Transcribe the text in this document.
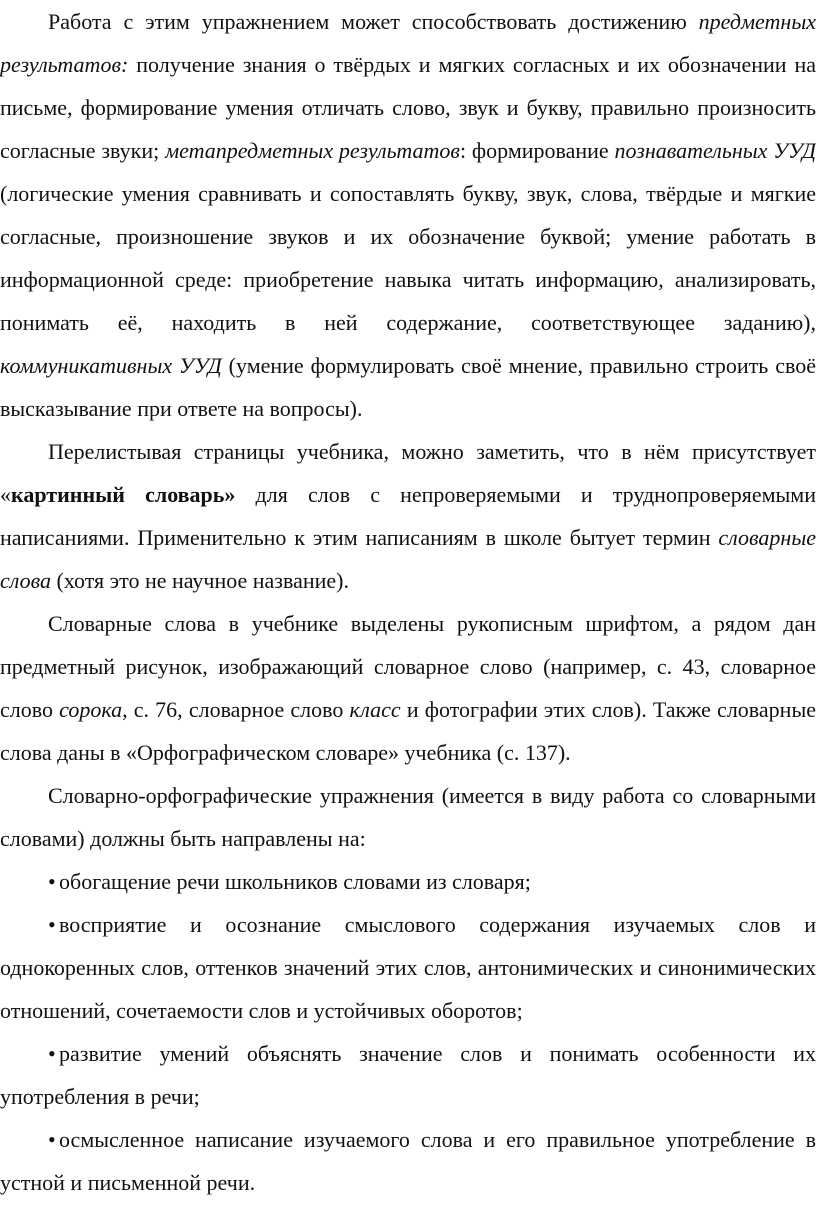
Работа с этим упражнением может способствовать достижению предметных результатов: получение знания о твёрдых и мягких согласных и их обозначении на письме, формирование умения отличать слово, звук и букву, правильно произносить согласные звуки; метапредметных результатов: формирование познавательных УУД (логические умения сравнивать и сопоставлять букву, звук, слова, твёрдые и мягкие согласные, произношение звуков и их обозначение буквой; умение работать в информационной среде: приобретение навыка читать информацию, анализировать, понимать её, находить в ней содержание, соответствующее заданию), коммуникативных УУД (умение формулировать своё мнение, правильно строить своё высказывание при ответе на вопросы).

Перелистывая страницы учебника, можно заметить, что в нём присутствует «картинный словарь» для слов с непроверяемыми и труднопроверяемыми написаниями. Применительно к этим написаниям в школе бытует термин словарные слова (хотя это не научное название).

Словарные слова в учебнике выделены рукописным шрифтом, а рядом дан предметный рисунок, изображающий словарное слово (например, с. 43, словарное слово сорока, с. 76, словарное слово класс и фотографии этих слов). Также словарные слова даны в «Орфографическом словаре» учебника (с. 137).

Словарно-орфографические упражнения (имеется в виду работа со словарными словами) должны быть направлены на:

• обогащение речи школьников словами из словаря;

• восприятие и осознание смыслового содержания изучаемых слов и однокоренных слов, оттенков значений этих слов, антонимических и синонимических отношений, сочетаемости слов и устойчивых оборотов;

• развитие умений объяснять значение слов и понимать особенности их употребления в речи;

• осмысленное написание изучаемого слова и его правильное употребление в устной и письменной речи.
